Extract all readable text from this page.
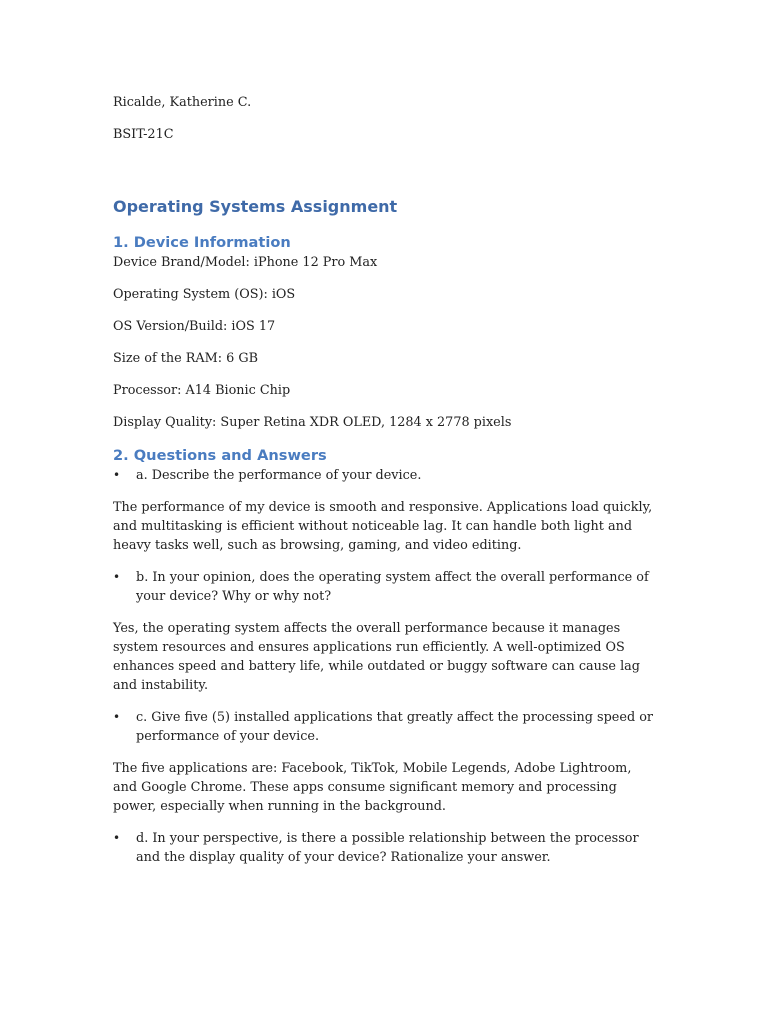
Ricalde, Katherine C.

BSIT-21C

Operating Systems Assignment
1. Device Information

Device Brand/Model: iPhone 12 Pro Max

Operating System (OS): iOS

OS Version/Build: iOS 17

Size of the RAM: 6 GB

Processor: A14 Bionic Chip

Display Quality: Super Retina XDR OLED, 1284 x 2778 pixels

2. Questions and Answers
• a. Describe the performance of your device.

The performance of my device is smooth and responsive. Applications load quickly, and multitasking is efficient without noticeable lag. It can handle both light and heavy tasks well, such as browsing, gaming, and video editing.

• b. In your opinion, does the operating system affect the overall performance of your device? Why or why not?

Yes, the operating system affects the overall performance because it manages system resources and ensures applications run efficiently. A well-optimized OS enhances speed and battery life, while outdated or buggy software can cause lag and instability.

• c. Give five (5) installed applications that greatly affect the processing speed or performance of your device.

The five applications are: Facebook, TikTok, Mobile Legends, Adobe Lightroom, and Google Chrome. These apps consume significant memory and processing power, especially when running in the background.

• d. In your perspective, is there a possible relationship between the processor and the display quality of your device? Rationalize your answer.
